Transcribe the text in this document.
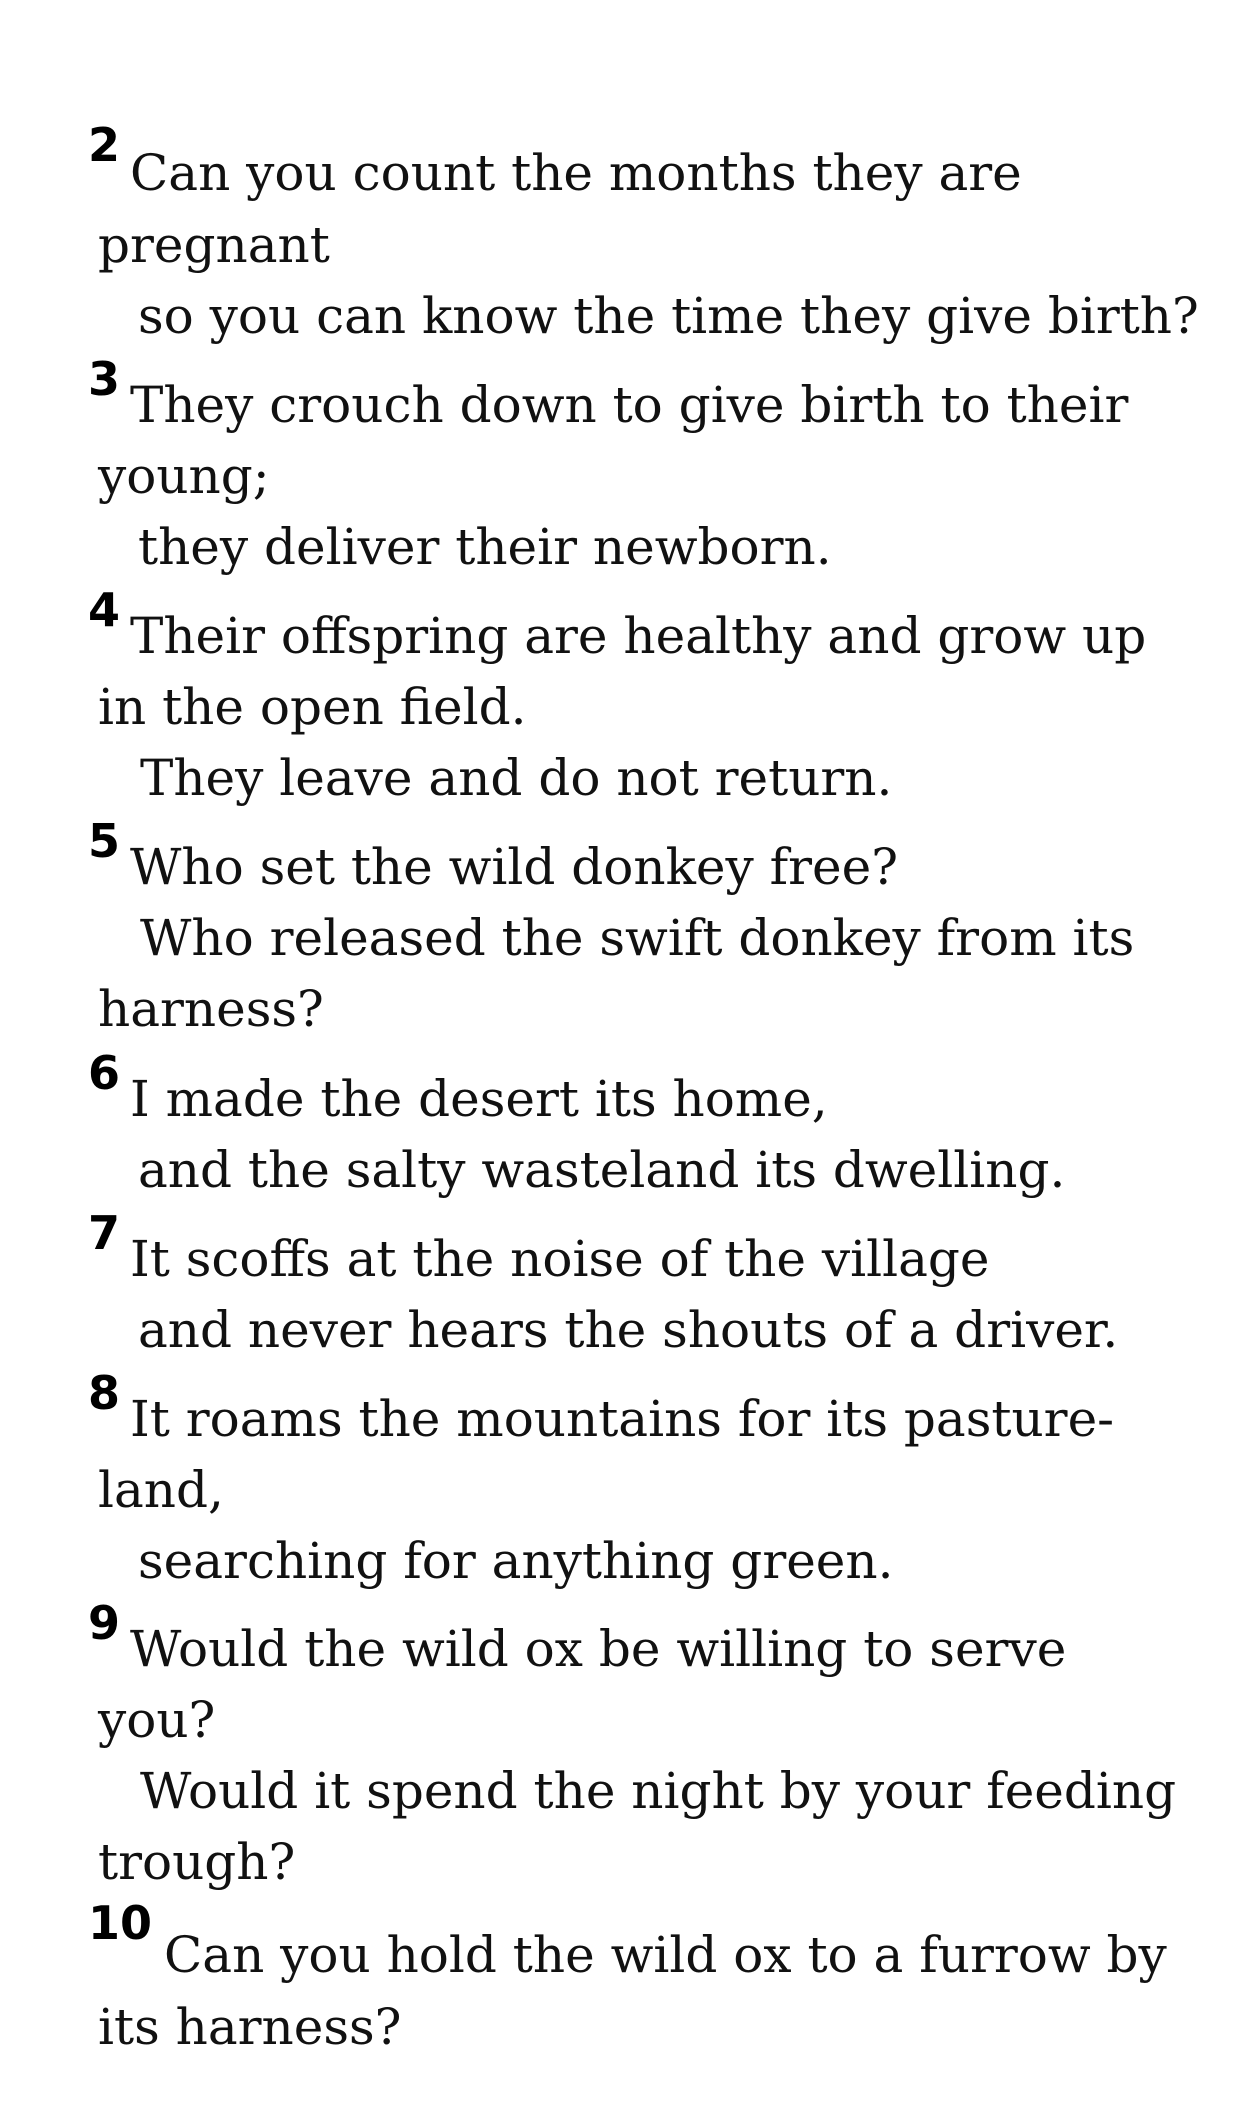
2 Can you count the months they are
pregnant
so you can know the time they give birth?
3 They crouch down to give birth to their
young;
they deliver their newborn.
4 Their offspring are healthy and grow up
in the open field.
They leave and do not return.
5 Who set the wild donkey free?
Who released the swift donkey from its
harness?
6 I made the desert its home,
and the salty wasteland its dwelling.
7 It scoffs at the noise of the village
and never hears the shouts of a driver.
8 It roams the mountains for its pasture-
land,
searching for anything green.
9 Would the wild ox be willing to serve
you?
Would it spend the night by your feeding
trough?
10
Can you hold the wild ox to a furrow by
its harness?
